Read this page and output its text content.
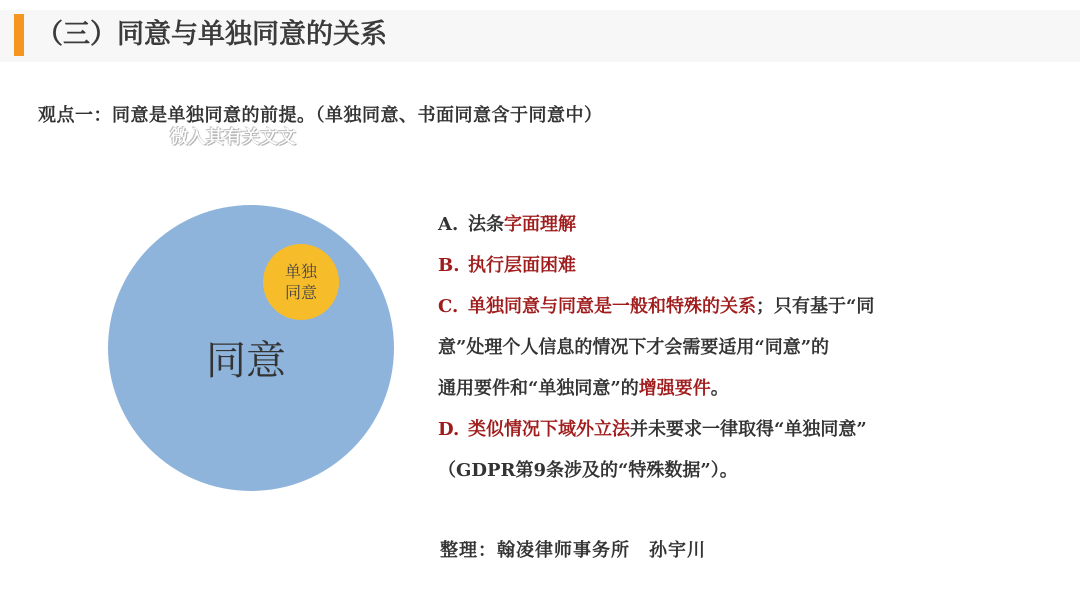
（三）同意与单独同意的关系
观点一：同意是单独同意的前提。（单独同意、书面同意含于同意中）
微入其有关文文
同意
单独
同意
A. 法条字面理解
B. 执行层面困难
C. 单独同意与同意是一般和特殊的关系；只有基于“同
意”处理个人信息的情况下才会需要适用“同意”的
通用要件和“单独同意”的增强要件。
D. 类似情况下域外立法并未要求一律取得“单独同意”
（GDPR第9条涉及的“特殊数据”）。
整理：翰凌律师事务所　孙宇川
